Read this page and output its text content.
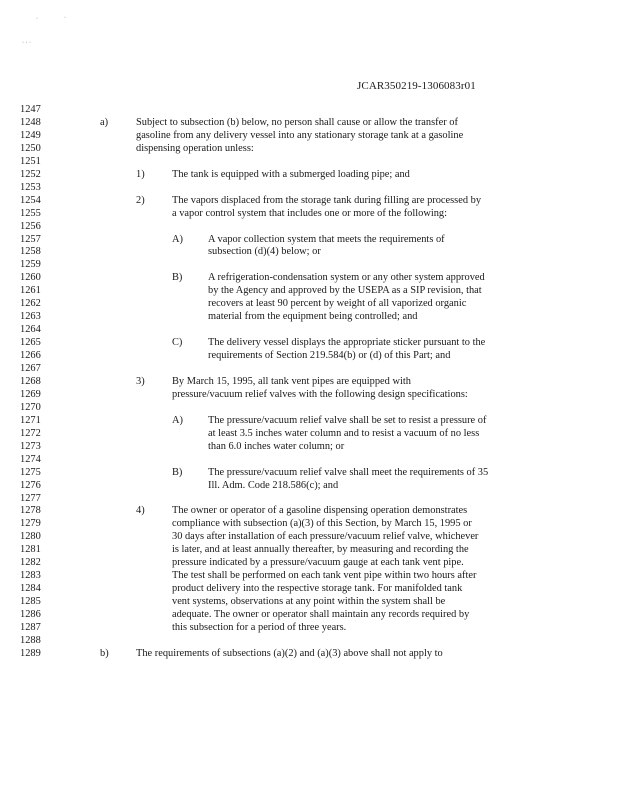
·	·
· · ·
JCAR350219-1306083r01
1247
1248	a)	Subject to subsection (b) below, no person shall cause or allow the transfer of
1249	gasoline from any delivery vessel into any stationary storage tank at a gasoline
1250	dispensing operation unless:
1251
1252	1)	The tank is equipped with a submerged loading pipe; and
1253
1254	2)	The vapors displaced from the storage tank during filling are processed by
1255	a vapor control system that includes one or more of the following:
1256
1257	A) A vapor collection system that meets the requirements of
1258	subsection (d)(4) below; or
1259
1260	B) A refrigeration-condensation system or any other system approved
1261	by the Agency and approved by the USEPA as a SIP revision, that
1262	recovers at least 90 percent by weight of all vaporized organic
1263	material from the equipment being controlled; and
1264
1265	C) The delivery vessel displays the appropriate sticker pursuant to the
1266	requirements of Section 219.584(b) or (d) of this Part; and
1267
1268	3)	By March 15, 1995, all tank vent pipes are equipped with
1269	pressure/vacuum relief valves with the following design specifications:
1270
1271	A) The pressure/vacuum relief valve shall be set to resist a pressure of
1272	at least 3.5 inches water column and to resist a vacuum of no less
1273	than 6.0 inches water column; or
1274
1275	B) The pressure/vacuum relief valve shall meet the requirements of 35
1276	Ill. Adm. Code 218.586(c); and
1277
1278	4)	The owner or operator of a gasoline dispensing operation demonstrates
1279	compliance with subsection (a)(3) of this Section, by March 15, 1995 or
1280	30 days after installation of each pressure/vacuum relief valve, whichever
1281	is later, and at least annually thereafter, by measuring and recording the
1282	pressure indicated by a pressure/vacuum gauge at each tank vent pipe.
1283	The test shall be performed on each tank vent pipe within two hours after
1284	product delivery into the respective storage tank. For manifolded tank
1285	vent systems, observations at any point within the system shall be
1286	adequate. The owner or operator shall maintain any records required by
1287	this subsection for a period of three years.
1288
1289	b)	The requirements of subsections (a)(2) and (a)(3) above shall not apply to
